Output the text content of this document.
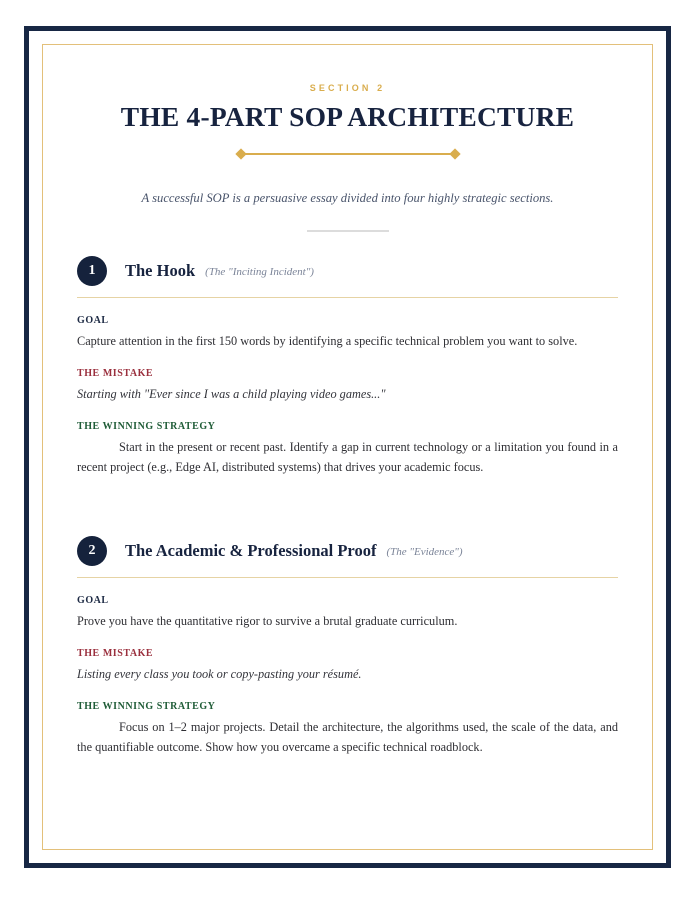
SECTION 2
THE 4-PART SOP ARCHITECTURE

A successful SOP is a persuasive essay divided into four highly strategic sections.

1	The Hook (The "Inciting Incident")
GOAL
Capture attention in the first 150 words by identifying a specific technical problem you want to solve.
THE MISTAKE
Starting with "Ever since I was a child playing video games..."
THE WINNING STRATEGY
Start in the present or recent past. Identify a gap in current technology or a limitation you found in a recent project (e.g., Edge AI, distributed systems) that drives your academic focus.
2	The Academic & Professional Proof (The "Evidence")
GOAL
Prove you have the quantitative rigor to survive a brutal graduate curriculum.
THE MISTAKE
Listing every class you took or copy-pasting your résumé.
THE WINNING STRATEGY
Focus on 1–2 major projects. Detail the architecture, the algorithms used, the scale of the data, and the quantifiable outcome. Show how you overcame a specific technical roadblock.
